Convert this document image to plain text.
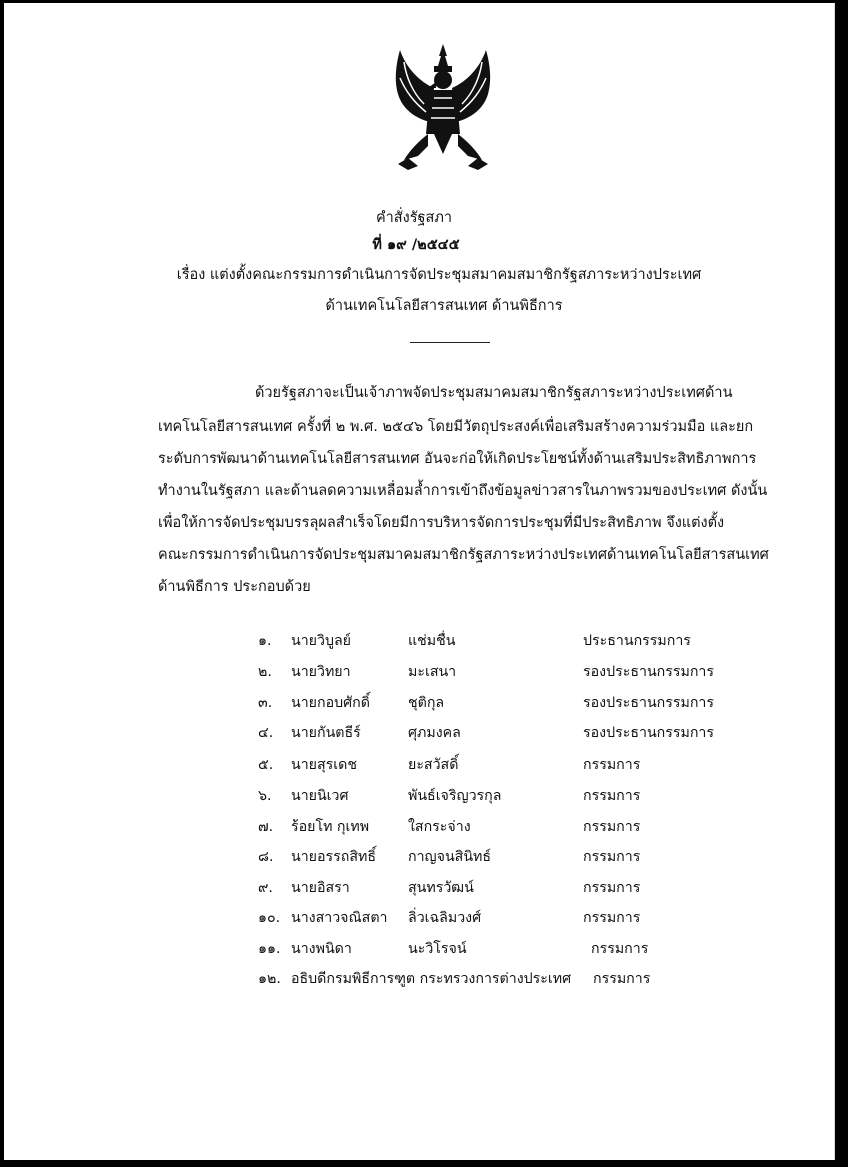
คำสั่งรัฐสภา
ที่ ๑๙ /๒๕๔๕
เรื่อง แต่งตั้งคณะกรรมการดำเนินการจัดประชุมสมาคมสมาชิกรัฐสภาระหว่างประเทศ
ด้านเทคโนโลยีสารสนเทศ ด้านพิธีการ
ด้วยรัฐสภาจะเป็นเจ้าภาพจัดประชุมสมาคมสมาชิกรัฐสภาระหว่างประเทศด้าน
เทคโนโลยีสารสนเทศ ครั้งที่ ๒ พ.ศ. ๒๕๔๖ โดยมีวัตถุประสงค์เพื่อเสริมสร้างความร่วมมือ และยก
ระดับการพัฒนาด้านเทคโนโลยีสารสนเทศ อันจะก่อให้เกิดประโยชน์ทั้งด้านเสริมประสิทธิภาพการ
ทำงานในรัฐสภา และด้านลดความเหลื่อมล้ำการเข้าถึงข้อมูลข่าวสารในภาพรวมของประเทศ ดังนั้น
เพื่อให้การจัดประชุมบรรลุผลสำเร็จโดยมีการบริหารจัดการประชุมที่มีประสิทธิภาพ จึงแต่งตั้ง
คณะกรรมการดำเนินการจัดประชุมสมาคมสมาชิกรัฐสภาระหว่างประเทศด้านเทคโนโลยีสารสนเทศ
ด้านพิธีการ ประกอบด้วย
๑. นายวิบูลย์	แช่มชื่น	ประธานกรรมการ
๒. นายวิทยา	มะเสนา	รองประธานกรรมการ
๓. นายกอบศักดิ์	ชุติกุล	รองประธานกรรมการ
๔. นายกันตธีร์	ศุภมงคล	รองประธานกรรมการ
๕. นายสุรเดช	ยะสวัสดิ์	กรรมการ
๖. นายนิเวศ	พันธ์เจริญวรกุล	กรรมการ
๗. ร้อยโท กุเทพ	ใสกระจ่าง	กรรมการ
๘. นายอรรถสิทธิ์ กาญจนสินิทธ์	กรรมการ
๙. นายอิสรา	สุนทรวัฒน์	กรรมการ
๑๐. นางสาวจณิสตา ลิ่วเฉลิมวงศ์	กรรมการ
๑๑. นางพนิดา	นะวิโรจน์	กรรมการ
๑๒. อธิบดีกรมพิธีการฑูต กระทรวงการต่างประเทศ กรรมการ
